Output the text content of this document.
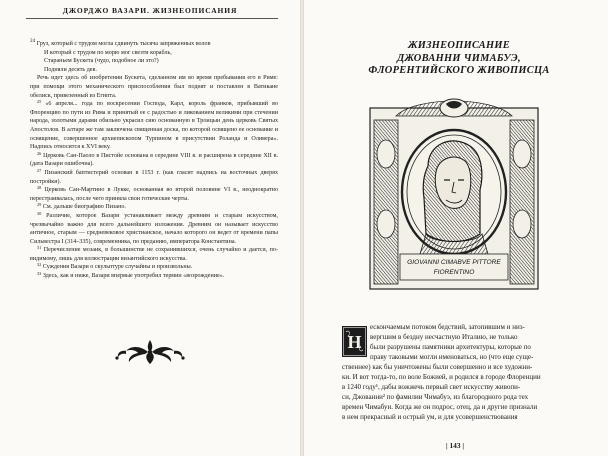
ДЖОРДЖО ВАЗАРИ. ЖИЗНЕОПИСАНИЯ
$^{24}$ Груз, который с трудом могла сдвинуть тысяча запряженных волов
И который с трудом по морю мог свезти корабль,
Стараньем Бускета (чудо, подобное ли это?)
Подняли десять дев.

Речь идет здесь об изобретении Бускета, сделанном им во время пребывания его в Риме: при помощи этого механического приспособления был поднят и поставлен в Ватикане обелиск, привезенный из Египта.

$^{25}$ «6 апреля... года по воскресении Господа, Карл, король франков, прибывший во Флоренцию по пути из Рима и принятый ее с радостью и ликованием великими при стечении народа, золотыми дарами обильно украсил сию основанную в Троицын день церковь Святых Апостолов. В алтаре же там заключена священная доска, по которой освящено ее основание и освящение, совершенное архиепископом Турпином в присутствии Роланда и Оливера». Надпись относится к XVI веку.

$^{26}$ Церковь Сан-Паоло в Пистойе основана в середине VIII в. и расширена в середине XII в. (дата Вазари ошибочна).

$^{27}$ Пизанский баптистерий основан в 1153 г. (как гласит надпись на восточных дверях постройки).

$^{28}$ Церковь Сан-Мартино в Лукке, основанная во второй половине VI в., неоднократно перестраивалась, после чего приняла свои готические черты.

$^{29}$ См. дальше биографию Пизано.

$^{30}$ Различие, которое Вазари устанавливает между древним и старым искусством, чрезвычайно важно для всего дальнейшего изложения. Древним он называет искусство античное, старым — средневековое христианское, начало которого он ведет от времени папы Сильвестра I (314–335), современника, по преданию, императора Константина.

$^{31}$ Перечисление мозаик, в большинстве не сохранившихся, очень случайно и дается, по-видимому, лишь для иллюстрации византийского искусства.

$^{32}$ Суждения Вазари о скульптуре случайны и произвольны.

$^{33}$ Здесь, как и ниже, Вазари впервые употребил термин «возрождение».

ЖИЗНЕОПИСАНИЕ
ДЖОВАННИ ЧИМАБУЭ,
ФЛОРЕНТИЙСКОГО ЖИВОПИСЦА
GIOVANNI CIMABVE PITTORE
FIORENTINO
Н
ескончаемым потоком бедствий, затопившим и низ-
вергшим в бездну несчастную Италию, не только
были разрушены памятники архитектуры, которые по
праву таковыми могли именоваться, но (что еще суще-
ственнее) как бы уничтожены были совершенно и все художни-
ки. И вот тогда-то, по воле Божией, и родился в городе Флоренции
в 1240 году¹, дабы вожжечь первый свет искусству живопи-
си, Джованни² по фамилии Чимабуэ, из благородного рода тех
времен Чимабуи. Когда же он подрос, отец, да и другие признали
в нем прекрасный и острый ум, и для усовершенствования
| 143 |
